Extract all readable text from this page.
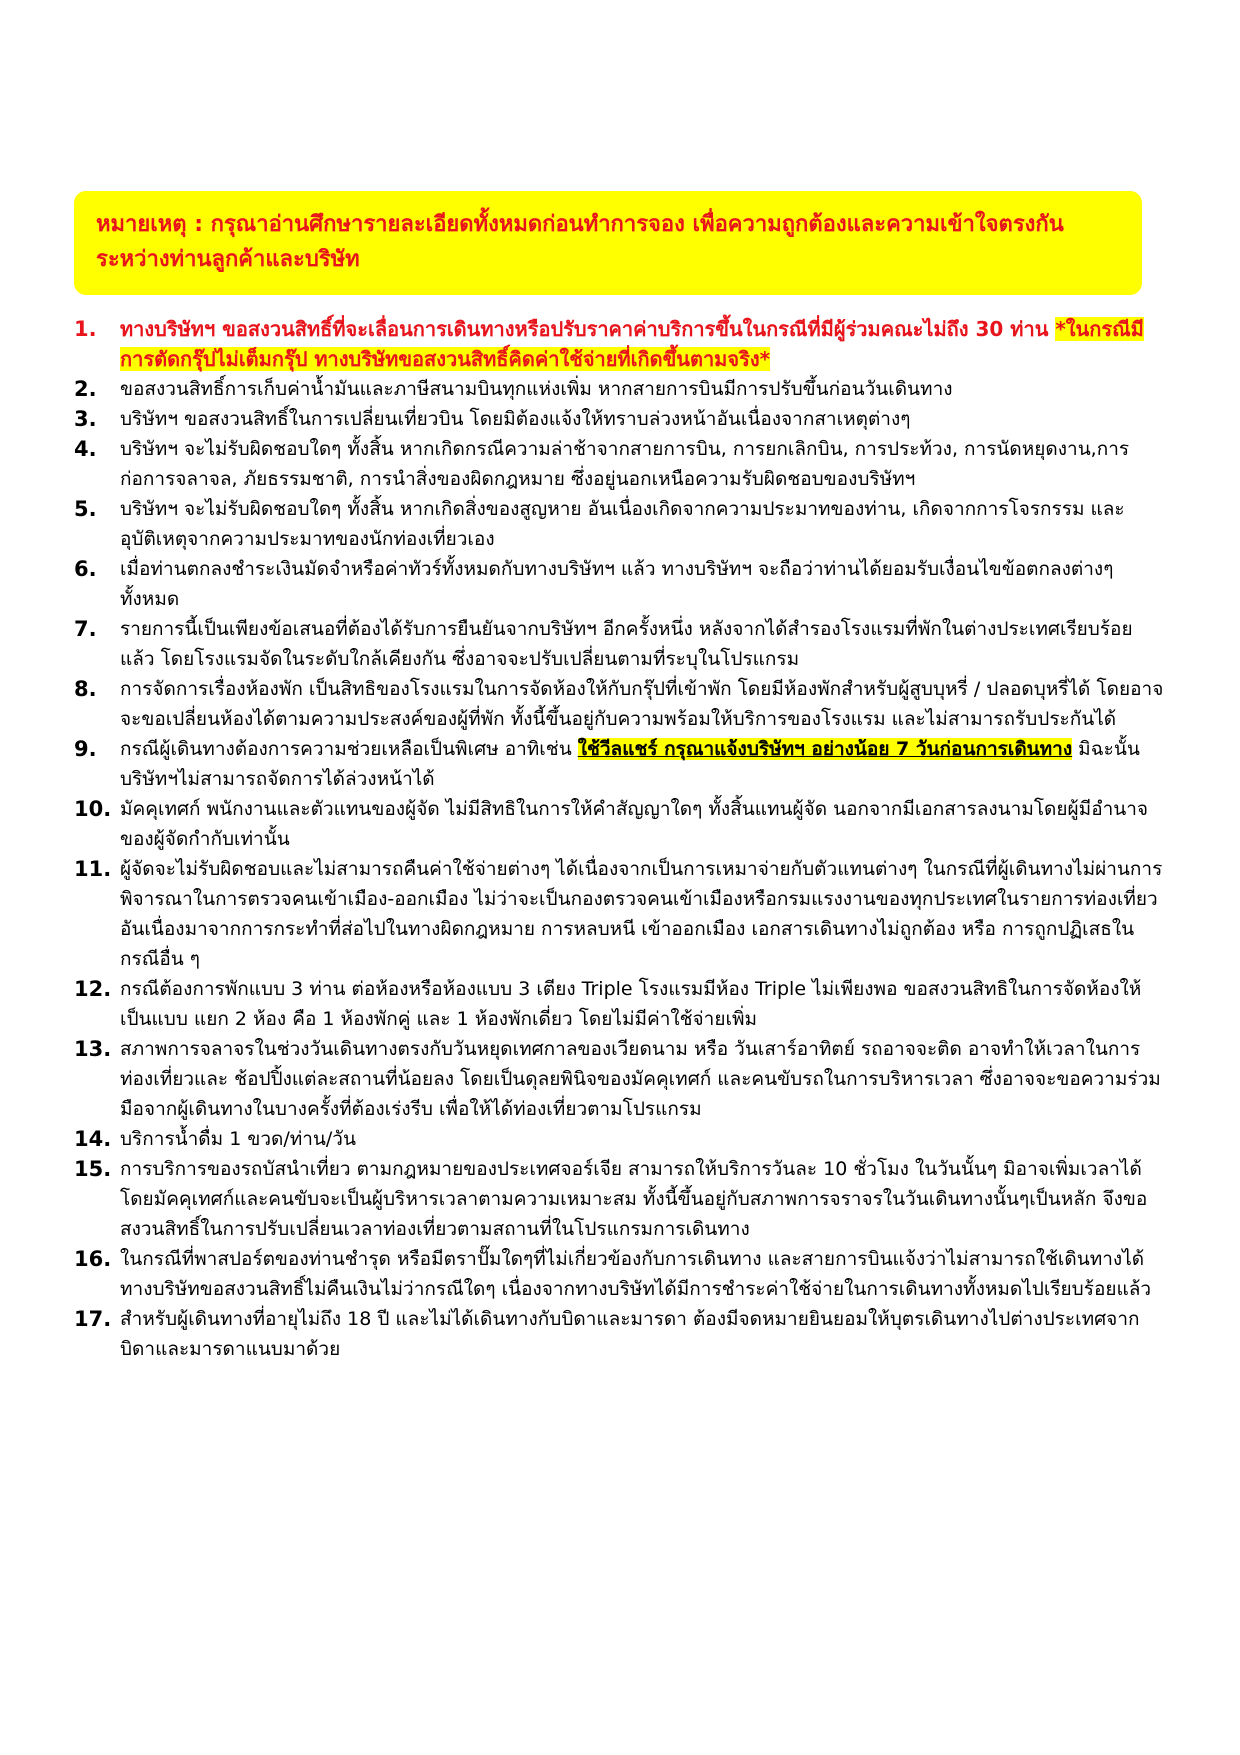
หมายเหตุ : กรุณาอ่านศึกษารายละเอียดทั้งหมดก่อนทำการจอง เพื่อความถูกต้องและความเข้าใจตรงกันระหว่างท่านลูกค้าและบริษัท
1.	ทางบริษัทฯ ขอสงวนสิทธิ์ที่จะเลื่อนการเดินทางหรือปรับราคาค่าบริการขึ้นในกรณีที่มีผู้ร่วมคณะไม่ถึง 30 ท่าน *ในกรณีมีการตัดกรุ๊ปไม่เต็มกรุ๊ป ทางบริษัทขอสงวนสิทธิ์คิดค่าใช้จ่ายที่เกิดขึ้นตามจริง*
2.	ขอสงวนสิทธิ์การเก็บค่าน้ำมันและภาษีสนามบินทุกแห่งเพิ่ม หากสายการบินมีการปรับขึ้นก่อนวันเดินทาง
3.	บริษัทฯ ขอสงวนสิทธิ์ในการเปลี่ยนเที่ยวบิน โดยมิต้องแจ้งให้ทราบล่วงหน้าอันเนื่องจากสาเหตุต่างๆ
4.	บริษัทฯ จะไม่รับผิดชอบใดๆ ทั้งสิ้น หากเกิดกรณีความล่าช้าจากสายการบิน, การยกเลิกบิน, การประท้วง, การนัดหยุดงาน,การก่อการจลาจล, ภัยธรรมชาติ, การนำสิ่งของผิดกฎหมาย ซึ่งอยู่นอกเหนือความรับผิดชอบของบริษัทฯ
5.	บริษัทฯ จะไม่รับผิดชอบใดๆ ทั้งสิ้น หากเกิดสิ่งของสูญหาย อันเนื่องเกิดจากความประมาทของท่าน, เกิดจากการโจรกรรม และ อุบัติเหตุจากความประมาทของนักท่องเที่ยวเอง
6.	เมื่อท่านตกลงชำระเงินมัดจำหรือค่าทัวร์ทั้งหมดกับทางบริษัทฯ แล้ว ทางบริษัทฯ จะถือว่าท่านได้ยอมรับเงื่อนไขข้อตกลงต่างๆ ทั้งหมด
7.	รายการนี้เป็นเพียงข้อเสนอที่ต้องได้รับการยืนยันจากบริษัทฯ อีกครั้งหนึ่ง หลังจากได้สำรองโรงแรมที่พักในต่างประเทศเรียบร้อยแล้ว โดยโรงแรมจัดในระดับใกล้เคียงกัน ซึ่งอาจจะปรับเปลี่ยนตามที่ระบุในโปรแกรม
8.	การจัดการเรื่องห้องพัก เป็นสิทธิของโรงแรมในการจัดห้องให้กับกรุ๊ปที่เข้าพัก โดยมีห้องพักสำหรับผู้สูบบุหรี่ / ปลอดบุหรี่ได้ โดยอาจจะขอเปลี่ยนห้องได้ตามความประสงค์ของผู้ที่พัก ทั้งนี้ขึ้นอยู่กับความพร้อมให้บริการของโรงแรม และไม่สามารถรับประกันได้
9.	กรณีผู้เดินทางต้องการความช่วยเหลือเป็นพิเศษ อาทิเช่น ใช้วีลแชร์ กรุณาแจ้งบริษัทฯ อย่างน้อย 7 วันก่อนการเดินทาง มิฉะนั้นบริษัทฯไม่สามารถจัดการได้ล่วงหน้าได้
10. มัคคุเทศก์ พนักงานและตัวแทนของผู้จัด ไม่มีสิทธิในการให้คำสัญญาใดๆ ทั้งสิ้นแทนผู้จัด นอกจากมีเอกสารลงนามโดยผู้มีอำนาจของผู้จัดกำกับเท่านั้น
11. ผู้จัดจะไม่รับผิดชอบและไม่สามารถคืนค่าใช้จ่ายต่างๆ ได้เนื่องจากเป็นการเหมาจ่ายกับตัวแทนต่างๆ ในกรณีที่ผู้เดินทางไม่ผ่านการพิจารณาในการตรวจคนเข้าเมือง-ออกเมือง ไม่ว่าจะเป็นกองตรวจคนเข้าเมืองหรือกรมแรงงานของทุกประเทศในรายการท่องเที่ยว อันเนื่องมาจากการกระทำที่ส่อไปในทางผิดกฎหมาย การหลบหนี เข้าออกเมือง เอกสารเดินทางไม่ถูกต้อง หรือ การถูกปฏิเสธในกรณีอื่น ๆ
12. กรณีต้องการพักแบบ 3 ท่าน ต่อห้องหรือห้องแบบ 3 เตียง Triple โรงแรมมีห้อง Triple ไม่เพียงพอ ขอสงวนสิทธิในการจัดห้องให้เป็นแบบ แยก 2 ห้อง คือ 1 ห้องพักคู่ และ 1 ห้องพักเดี่ยว โดยไม่มีค่าใช้จ่ายเพิ่ม
13. สภาพการจลาจรในช่วงวันเดินทางตรงกับวันหยุดเทศกาลของเวียดนาม หรือ วันเสาร์อาทิตย์ รถอาจจะติด อาจทำให้เวลาในการท่องเที่ยวและ ช้อปปิ้งแต่ละสถานที่น้อยลง โดยเป็นดุลยพินิจของมัคคุเทศก์ และคนขับรถในการบริหารเวลา ซึ่งอาจจะขอความร่วมมือจากผู้เดินทางในบางครั้งที่ต้องเร่งรีบ เพื่อให้ได้ท่องเที่ยวตามโปรแกรม
14. บริการน้ำดื่ม 1 ขวด/ท่าน/วัน
15. การบริการของรถบัสนำเที่ยว ตามกฎหมายของประเทศจอร์เจีย สามารถให้บริการวันละ 10 ชั่วโมง ในวันนั้นๆ มิอาจเพิ่มเวลาได้ โดยมัคคุเทศก์และคนขับจะเป็นผู้บริหารเวลาตามความเหมาะสม ทั้งนี้ขึ้นอยู่กับสภาพการจราจรในวันเดินทางนั้นๆเป็นหลัก จึงขอสงวนสิทธิ์ในการปรับเปลี่ยนเวลาท่องเที่ยวตามสถานที่ในโปรแกรมการเดินทาง
16. ในกรณีที่พาสปอร์ตของท่านชำรุด หรือมีตราปั๊มใดๆที่ไม่เกี่ยวข้องกับการเดินทาง และสายการบินแจ้งว่าไม่สามารถใช้เดินทางได้ ทางบริษัทขอสงวนสิทธิ์ไม่คืนเงินไม่ว่ากรณีใดๆ เนื่องจากทางบริษัทได้มีการชำระค่าใช้จ่ายในการเดินทางทั้งหมดไปเรียบร้อยแล้ว
17. สำหรับผู้เดินทางที่อายุไม่ถึง 18 ปี และไม่ได้เดินทางกับบิดาและมารดา ต้องมีจดหมายยินยอมให้บุตรเดินทางไปต่างประเทศจากบิดาและมารดาแนบมาด้วย
